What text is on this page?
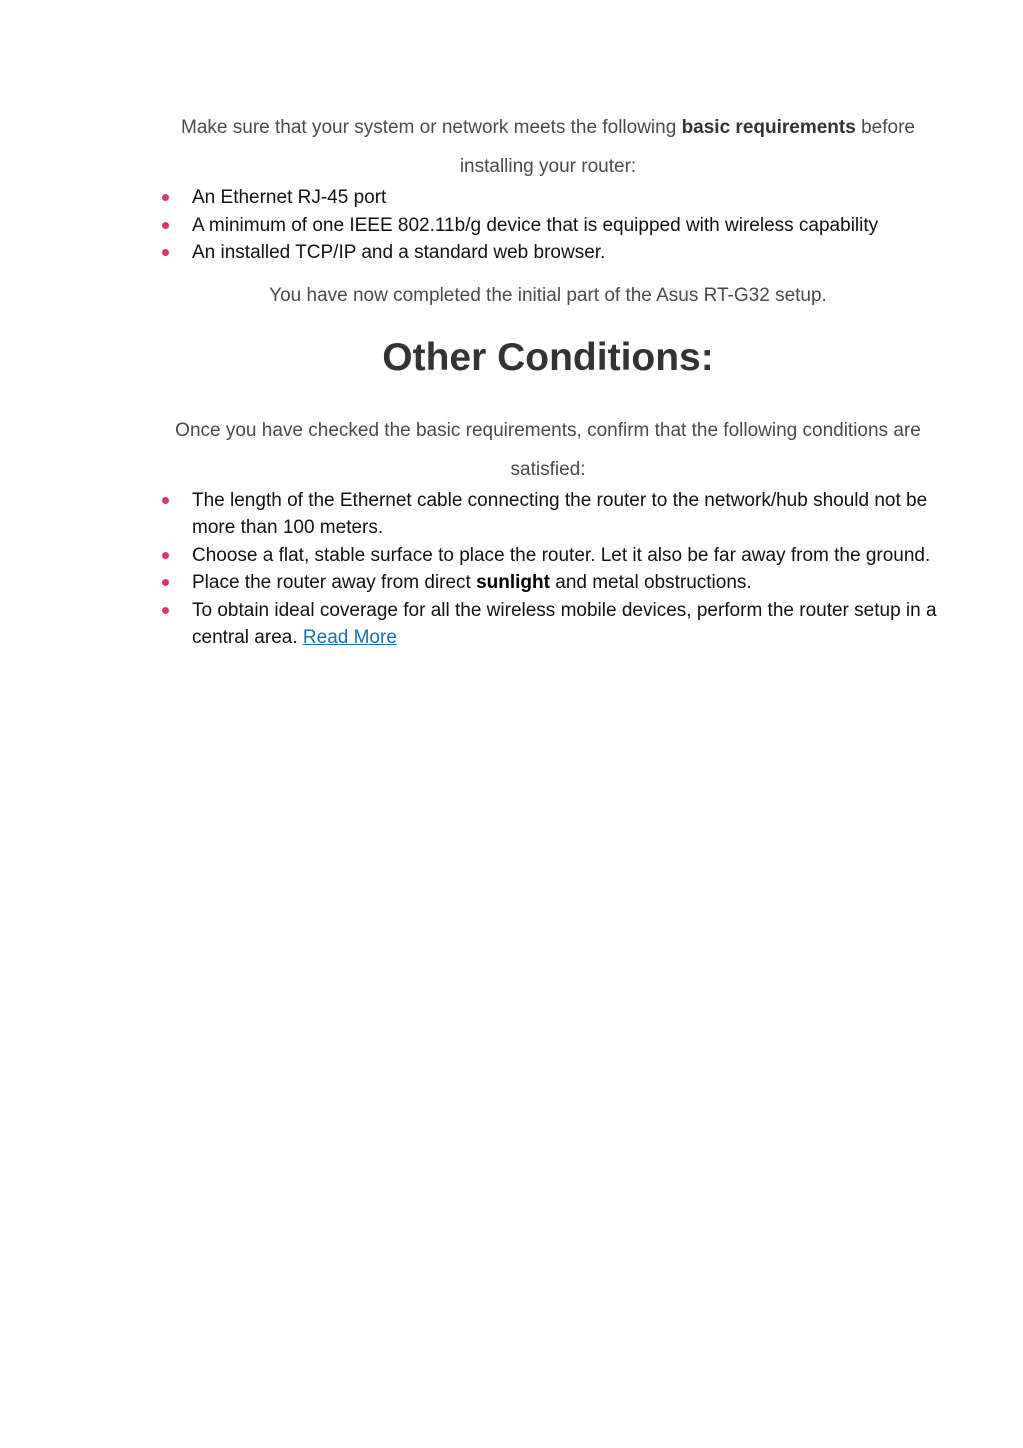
Make sure that your system or network meets the following basic requirements before installing your router:

An Ethernet RJ-45 port
A minimum of one IEEE 802.11b/g device that is equipped with wireless capability
An installed TCP/IP and a standard web browser.

You have now completed the initial part of the Asus RT-G32 setup.

Other Conditions:

Once you have checked the basic requirements, confirm that the following conditions are satisfied:

The length of the Ethernet cable connecting the router to the network/hub should not be more than 100 meters.
Choose a flat, stable surface to place the router. Let it also be far away from the ground.
Place the router away from direct sunlight and metal obstructions.
To obtain ideal coverage for all the wireless mobile devices, perform the router setup in a central area. Read More
